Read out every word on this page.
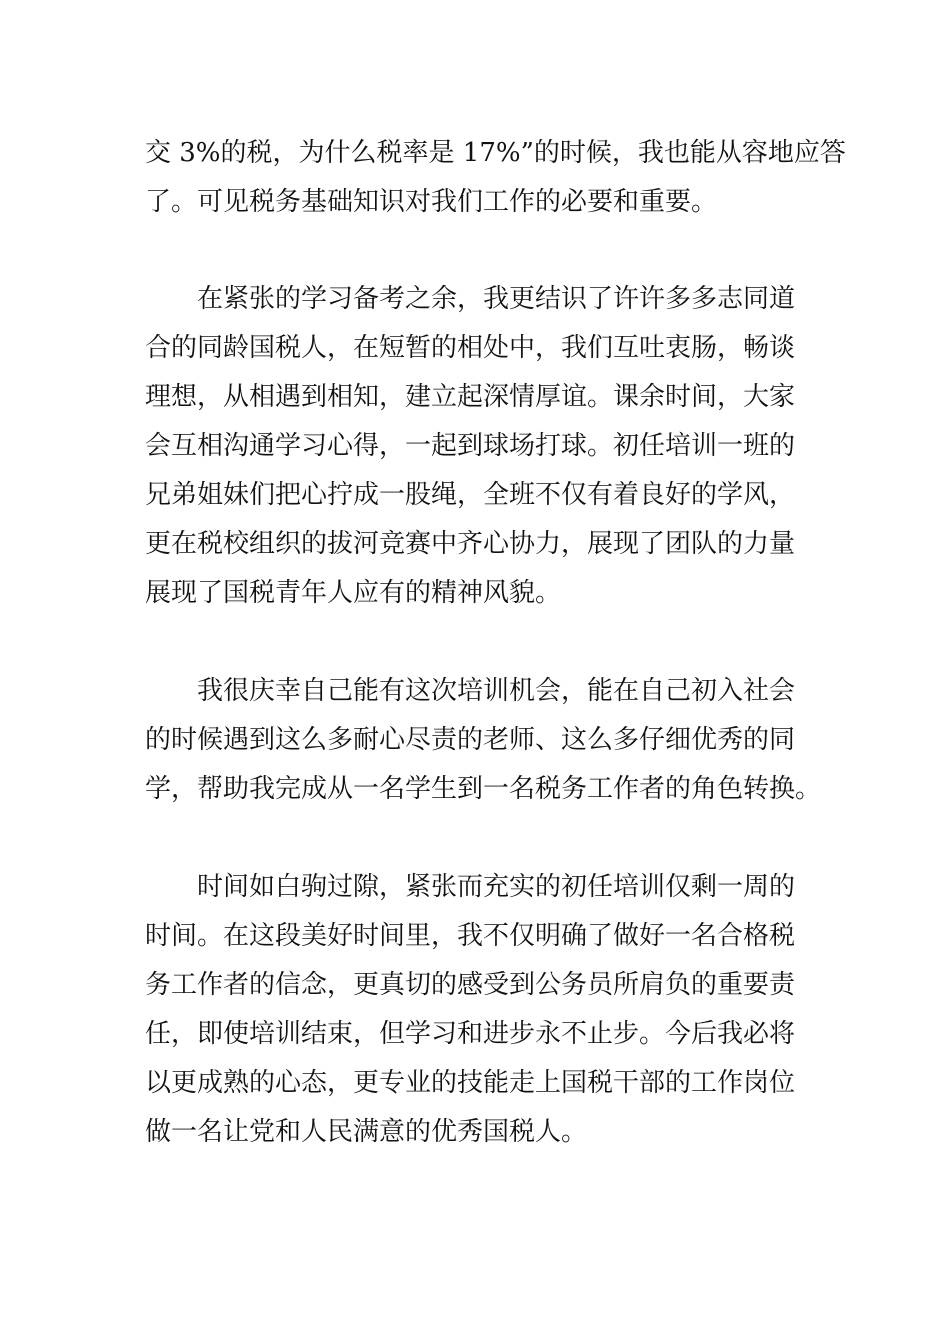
交 3%的税，为什么税率是 17%”的时候，我也能从容地应答
了。可见税务基础知识对我们工作的必要和重要。
在紧张的学习备考之余，我更结识了许许多多志同道
合的同龄国税人，在短暂的相处中，我们互吐衷肠，畅谈
理想，从相遇到相知，建立起深情厚谊。课余时间，大家
会互相沟通学习心得，一起到球场打球。初任培训一班的
兄弟姐妹们把心拧成一股绳，全班不仅有着良好的学风，
更在税校组织的拔河竞赛中齐心协力，展现了团队的力量
展现了国税青年人应有的精神风貌。
我很庆幸自己能有这次培训机会，能在自己初入社会
的时候遇到这么多耐心尽责的老师、这么多仔细优秀的同
学，帮助我完成从一名学生到一名税务工作者的角色转换。
时间如白驹过隙，紧张而充实的初任培训仅剩一周的
时间。在这段美好时间里，我不仅明确了做好一名合格税
务工作者的信念，更真切的感受到公务员所肩负的重要责
任，即使培训结束，但学习和进步永不止步。今后我必将
以更成熟的心态，更专业的技能走上国税干部的工作岗位
做一名让党和人民满意的优秀国税人。
